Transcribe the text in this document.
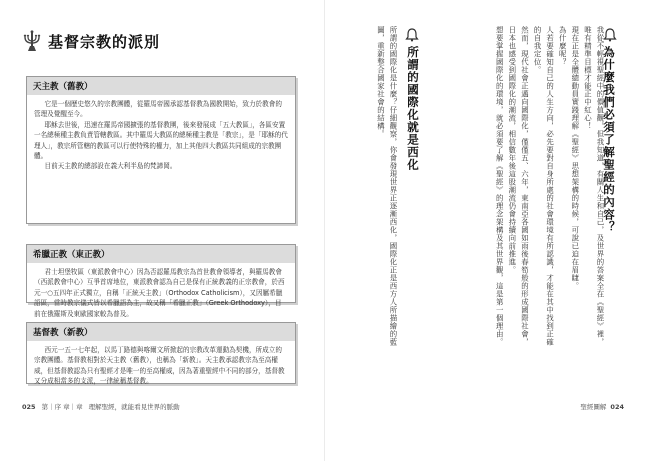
基督宗教的派別
天主教（舊教）

它是一個歷史悠久的宗教團體，從羅馬帝國承認基督教為國教開始，致力於教會的管理及覺醒至今。

耶穌去世後，迅速在羅馬帝國擴張的基督教團，後來發展成「五大教區」，各區安置一名總極種主教負責管轄教區。其中羅馬大教區的總極種主教是「教宗」，是「耶穌的代理人」，教宗所管轄的教區可以行使特殊的權力，加上其他四大教區共同組成的宗教團體。

目前天主教的總部設在義大利半島的梵諦岡。

希臘正教（東正教）

君士坦堡牧區（東派教會中心）因為否認羅馬教宗為首世教會領導者，與羅馬教會（西派教會中心）互爭首席地位，東派教會認為自己是保有正統教義的正宗教會，於西元一○五四年正式獨立，自稱「正統天主教」（Orthodox Catholicism），又因屬希臘語區，當時教宗儀式皆以希臘語為主，故又稱「希臘正教」（Greek Orthodoxy），目前在俄羅斯及東歐國家較為普及。

基督教（新教）

西元一五一七年起，以馬丁路德與喀爾文所掀起的宗教改革運動為契機，所成立的宗教團體。基督教相對於天主教（舊教），也稱為「新教」。天主教承認教宗為至高權威，但基督教認為只有聖經才是唯一的至高權威，因為著重聖經中不同的部分，基督教又分成相當多的支派，一律統稱基督教。

025 第｜序 章｜章 理解聖經，就能看見世界的脈動
為什麼我們必須了解聖經的內容？

我從不輕視聖經中的價值觀，但我知道，有關人生和自己，及世界的答案全在《聖經》裡，唯有精準目標才能正中紅心！

現在正是全體總動員實踐理解《聖經》思想架構的時候，可說已迫在眉睫。

為什麼呢？

人若要確知自己的人生方向，必先要對自身所處的社會環境有所認識，才能在其中找到正確的自我定位。

然而，現代社會正邁向國際化，僅僅五、六年，東南亞各國如雨後春筍般的形成國際社會，日本也感受到國際化的潮流，相信數年後這股潮流仍會持續向前推進。

想要掌握國際化的環境，就必須要了解《聖經》的理念架構及其世界觀，這是第一個理由。

所謂的國際化就是西化

所謂的國際化是什麼？仔細觀察，你會發現世界正逐漸西化，國際化正是西方人所描繪的藍圖，重新整合國家社會的結構。

聖經圖解 024
